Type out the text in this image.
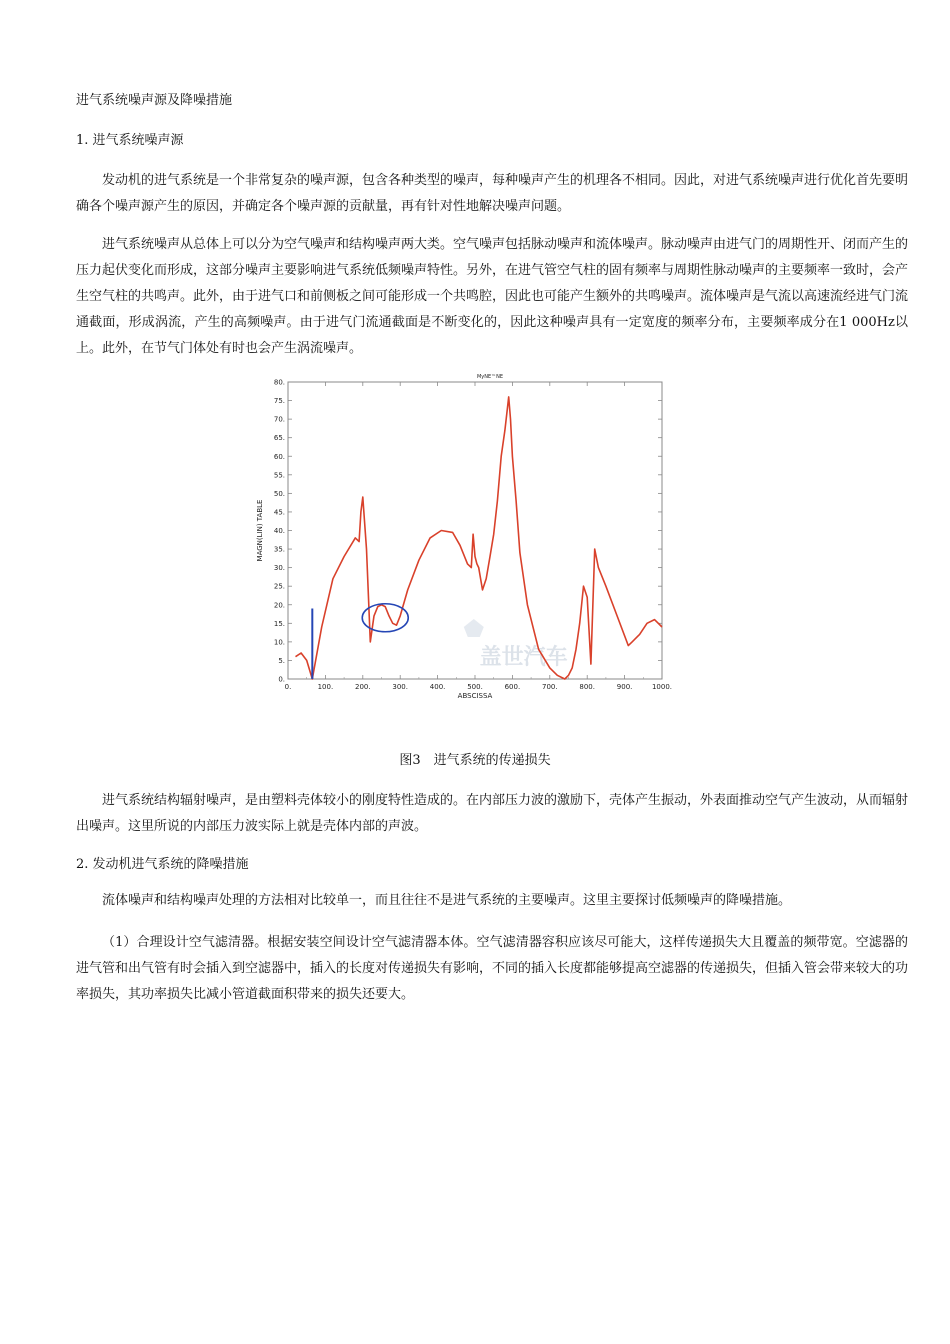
进气系统噪声源及降噪措施

1. 进气系统噪声源

发动机的进气系统是一个非常复杂的噪声源，包含各种类型的噪声，每种噪声产生的机理各不相同。因此，对进气系统噪声进行优化首先要明确各个噪声源产生的原因，并确定各个噪声源的贡献量，再有针对性地解决噪声问题。

进气系统噪声从总体上可以分为空气噪声和结构噪声两大类。空气噪声包括脉动噪声和流体噪声。脉动噪声由进气门的周期性开、闭而产生的压力起伏变化而形成，这部分噪声主要影响进气系统低频噪声特性。另外，在进气管空气柱的固有频率与周期性脉动噪声的主要频率一致时，会产生空气柱的共鸣声。此外，由于进气口和前侧板之间可能形成一个共鸣腔，因此也可能产生额外的共鸣噪声。流体噪声是气流以高速流经进气门流通截面，形成涡流，产生的高频噪声。由于进气门流通截面是不断变化的，因此这种噪声具有一定宽度的频率分布，主要频率成分在1 000Hz以上。此外，在节气门体处有时也会产生涡流噪声。

0.
5.
10.
15.
20.
25.
30.
35.
40.
45.
50.
55.
60.
65.
70.
75.
80.
0.	100.	200.	300.	400.	500.	600.	700.	800.	900.	1000.
ABSCISSA
MAGN(LIN) TABLE
MyNE™NE
盖世汽车
图3　进气系统的传递损失

进气系统结构辐射噪声，是由塑料壳体较小的刚度特性造成的。在内部压力波的激励下，壳体产生振动，外表面推动空气产生波动，从而辐射出噪声。这里所说的内部压力波实际上就是壳体内部的声波。

2. 发动机进气系统的降噪措施

流体噪声和结构噪声处理的方法相对比较单一，而且往往不是进气系统的主要噪声。这里主要探讨低频噪声的降噪措施。

（1）合理设计空气滤清器。根据安装空间设计空气滤清器本体。空气滤清器容积应该尽可能大，这样传递损失大且覆盖的频带宽。空滤器的进气管和出气管有时会插入到空滤器中，插入的长度对传递损失有影响，不同的插入长度都能够提高空滤器的传递损失，但插入管会带来较大的功率损失，其功率损失比减小管道截面积带来的损失还要大。
